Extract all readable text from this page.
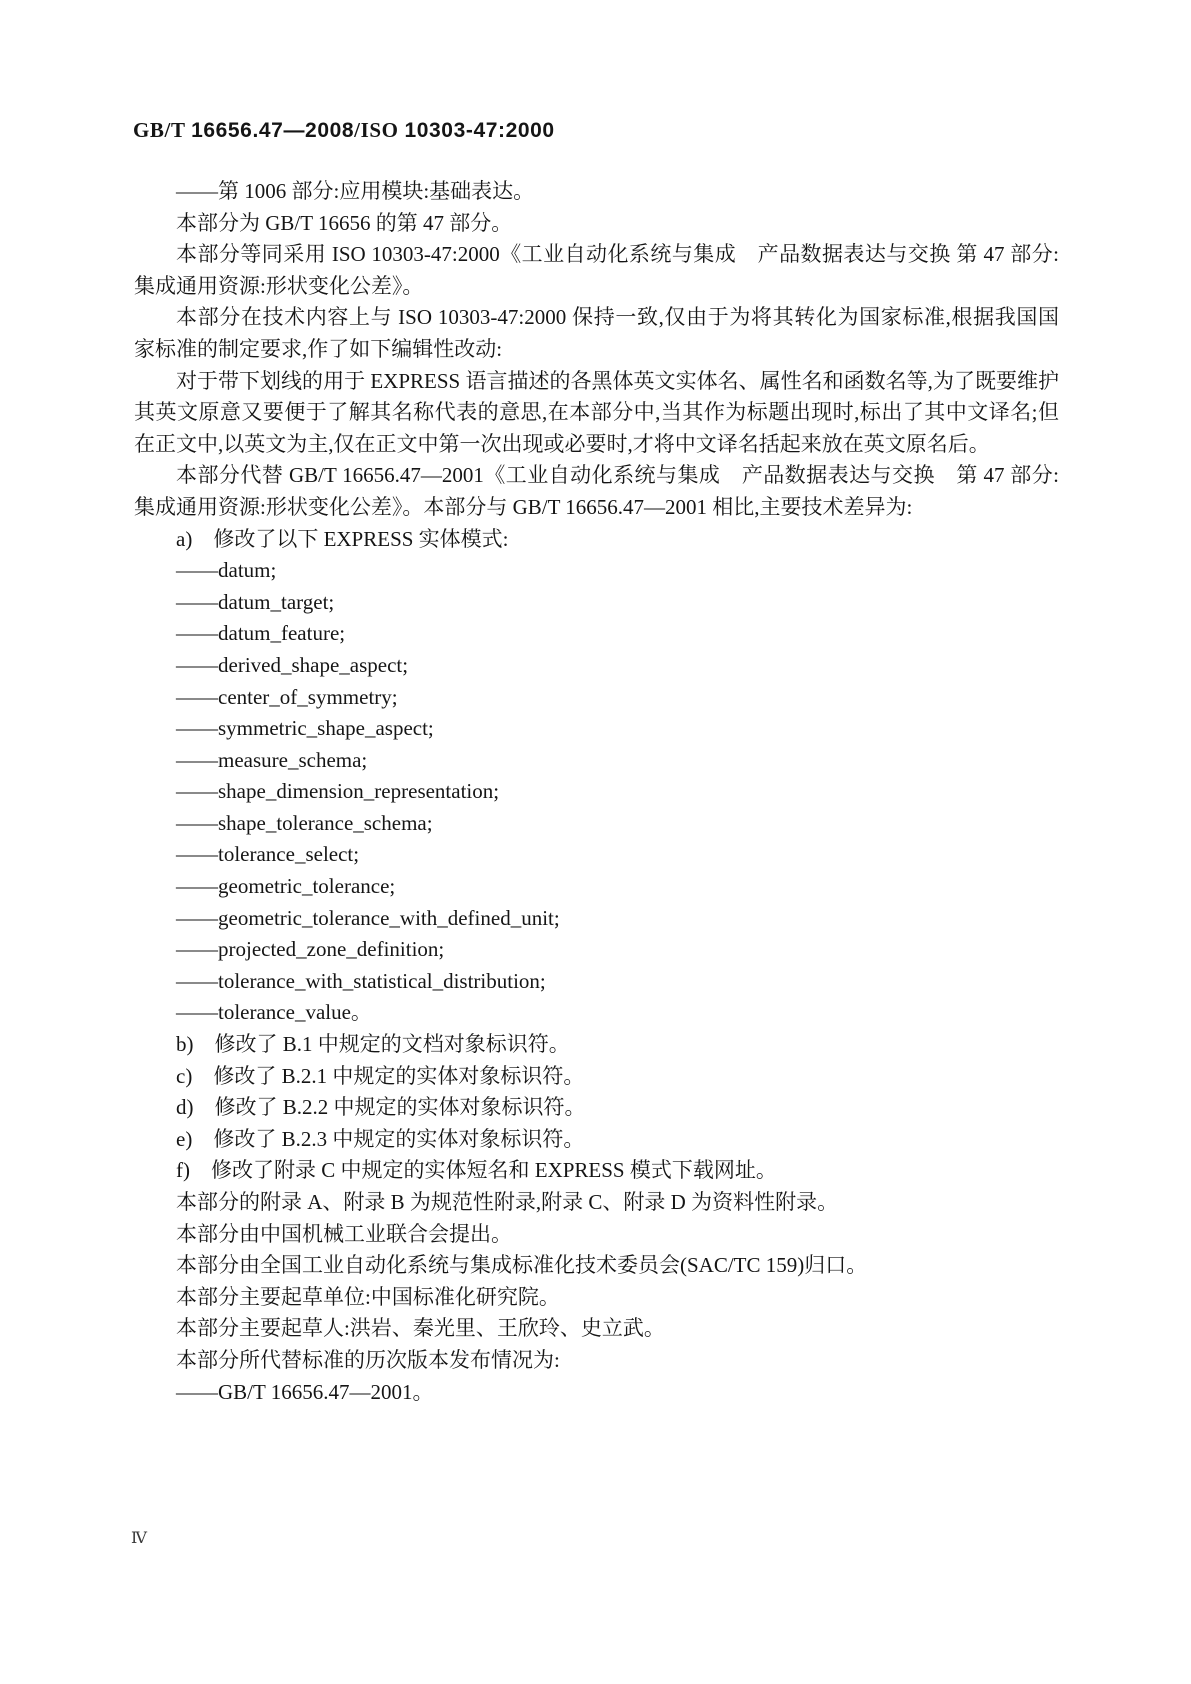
GB/T 16656.47—2008/ISO 10303-47:2000
——第 1006 部分:应用模块:基础表达。
本部分为 GB/T 16656 的第 47 部分。
本部分等同采用 ISO 10303-47:2000《工业自动化系统与集成　产品数据表达与交换 第 47 部分:
集成通用资源:形状变化公差》。
本部分在技术内容上与 ISO 10303-47:2000 保持一致,仅由于为将其转化为国家标准,根据我国国
家标准的制定要求,作了如下编辑性改动:
对于带下划线的用于 EXPRESS 语言描述的各黑体英文实体名、属性名和函数名等,为了既要维护
其英文原意又要便于了解其名称代表的意思,在本部分中,当其作为标题出现时,标出了其中文译名;但
在正文中,以英文为主,仅在正文中第一次出现或必要时,才将中文译名括起来放在英文原名后。
本部分代替 GB/T 16656.47—2001《工业自动化系统与集成　产品数据表达与交换　第 47 部分:
集成通用资源:形状变化公差》。本部分与 GB/T 16656.47—2001 相比,主要技术差异为:
a)　修改了以下 EXPRESS 实体模式:
——datum;
——datum_target;
——datum_feature;
——derived_shape_aspect;
——center_of_symmetry;
——symmetric_shape_aspect;
——measure_schema;
——shape_dimension_representation;
——shape_tolerance_schema;
——tolerance_select;
——geometric_tolerance;
——geometric_tolerance_with_defined_unit;
——projected_zone_definition;
——tolerance_with_statistical_distribution;
——tolerance_value。
b)　修改了 B.1 中规定的文档对象标识符。
c)　修改了 B.2.1 中规定的实体对象标识符。
d)　修改了 B.2.2 中规定的实体对象标识符。
e)　修改了 B.2.3 中规定的实体对象标识符。
f)　修改了附录 C 中规定的实体短名和 EXPRESS 模式下载网址。
本部分的附录 A、附录 B 为规范性附录,附录 C、附录 D 为资料性附录。
本部分由中国机械工业联合会提出。
本部分由全国工业自动化系统与集成标准化技术委员会(SAC/TC 159)归口。
本部分主要起草单位:中国标准化研究院。
本部分主要起草人:洪岩、秦光里、王欣玲、史立武。
本部分所代替标准的历次版本发布情况为:
——GB/T 16656.47—2001。
Ⅳ
